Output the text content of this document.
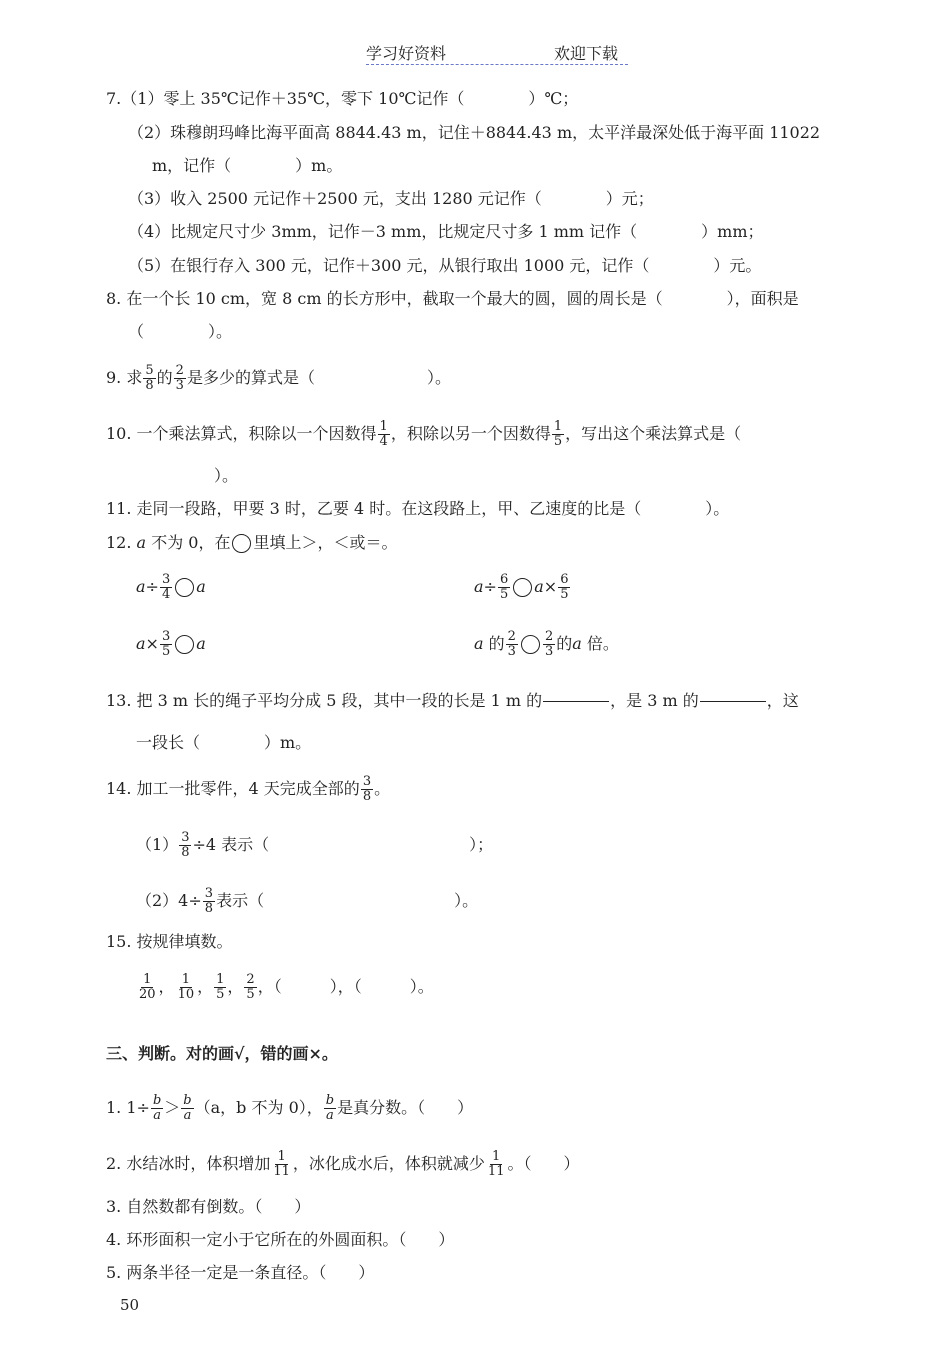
学习好资料	欢迎下载
7.（1）零上 35℃记作＋35℃，零下 10℃记作（　　　　）℃；
（2）珠穆朗玛峰比海平面高 8844.43 m，记住＋8844.43 m，太平洋最深处低于海平面 11022
m，记作（　　　　）m。
（3）收入 2500 元记作＋2500 元，支出 1280 元记作（　　　　）元；
（4）比规定尺寸少 3mm，记作－3 mm，比规定尺寸多 1 mm 记作（　　　　）mm；
（5）在银行存入 300 元，记作＋300 元，从银行取出 1000 元，记作（　　　　）元。
8. 在一个长 10 cm，宽 8 cm 的长方形中，截取一个最大的圆，圆的周长是（　　　　），面积是
（　　　　）。
9. 求 $\frac{5}{8}$ 的 $\frac{2}{3}$ 是多少的算式是（　　　　　　　）。
10. 一个乘法算式，积除以一个因数得 $\frac{1}{4}$ ，积除以另一个因数得 $\frac{1}{5}$ ，写出这个乘法算式是（
）。
11. 走同一段路，甲要 3 时，乙要 4 时。在这段路上，甲、乙速度的比是（　　　　）。
12. a 不为 0，在 里填上＞，＜或＝。
$a\div \frac{3}{4}$ a	$a\div \frac{6}{5} a\times \frac{6}{5}$
$a\times \frac{3}{5}$ a	a 的 $\frac{2}{3} \frac{2}{3}$ 的a 倍。
13. 把 3 m 长的绳子平均分成 5 段，其中一段的长是 1 m 的	，是 3 m 的	，这
一段长（　　　　）m。
14. 加工一批零件，4 天完成全部的 $\frac{3}{8}$ 。
$(1) \frac{3}{8} \div 4$ 表示（	）；
$(2)4\div \frac{3}{8}$ 表示（	）。
15. 按规律填数。
$\frac{1}{20}$ ， $\frac{1}{10}$ ， $\frac{1}{5}$ ， $\frac{2}{5}$ ，（　　　），（　　　）。
三、判断。对的画√，错的画×。
1. $1\div \frac{b}{a} > \frac{b}{a} (a$，b 不为 0）， $\frac{b}{a}$ 是真分数。（　　）
2. 水结冰时，体积增加 $\frac{1}{11}$ ，冰化成水后，体积就减少 $\frac{1}{11}$ 。（　　）
3. 自然数都有倒数。（　　）
4. 环形面积一定小于它所在的外圆面积。（　　）
5. 两条半径一定是一条直径。（　　）
50
